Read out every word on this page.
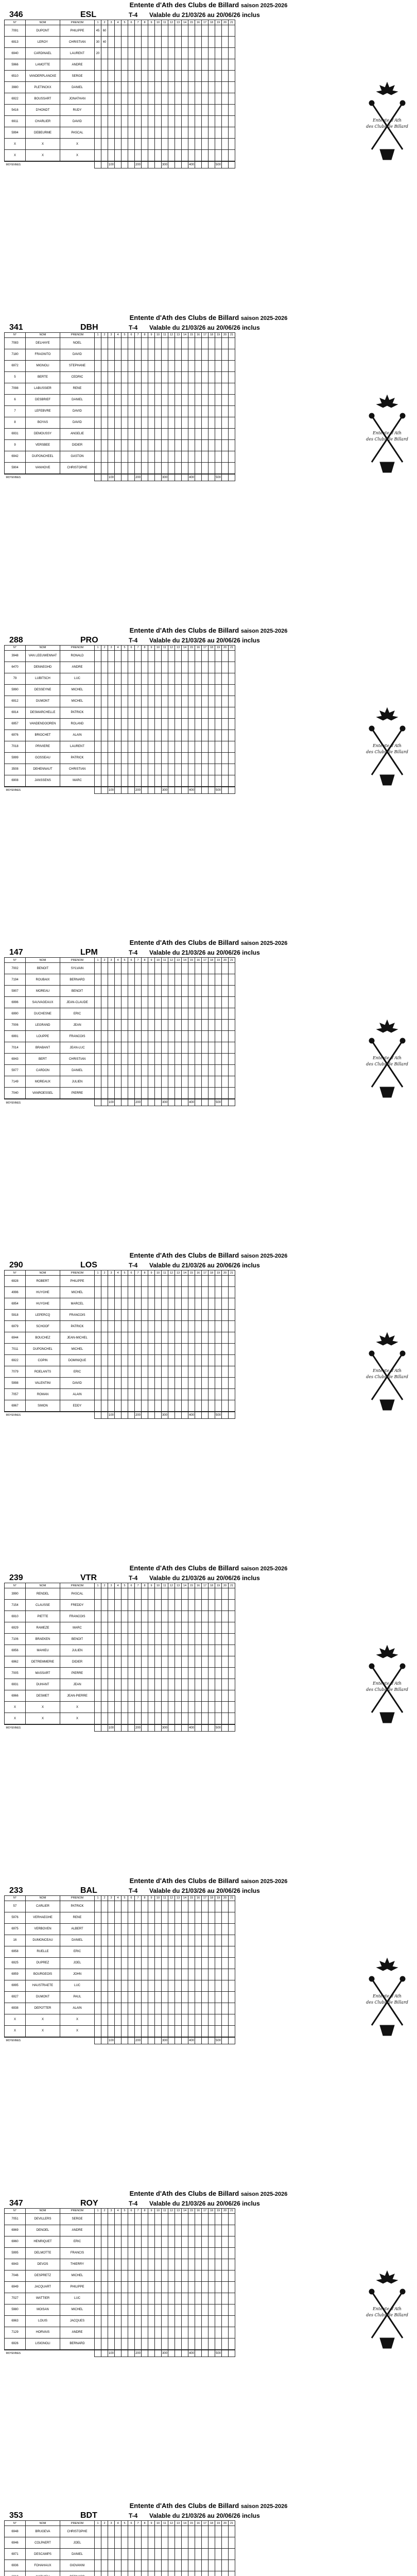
Entente d'Ath des Clubs de Billard saison 2025-2026
346	ESL	T-4 Valable du 21/03/26 au 20/06/26 inclus
N°	NOM	PRENOM	1	2	3	4	5	6	7	8	9	10	11	12	13	14	15	16	17	18	19	20	21
7091	DUPONT	PHILIPPE	45	60																			
6913	LEROY	CHRISTIAN	30	40																			
6940	CARDINAEL	LAURENT	20																				
5966	LAMOTTE	ANDRE																					
6510	VANDERPLANCKE	SERGE																					
3980	PLETINCKX	DANIEL																					
6922	BOUSSART	JONATHAN																					
5416	D'HONDT	RUDY																					
6911	CHARLIER	DAVID																					
5994	DEBEURME	PASCAL																					
X	X	X																					
X	X	X																					
MOYENNES					100				200				300				400				500		
Entente d'Ath
des Clubs de Billard
Entente d'Ath des Clubs de Billard saison 2025-2026
341	DBH	T-4 Valable du 21/03/26 au 20/06/26 inclus
N°	NOM	PRENOM	1	2	3	4	5	6	7	8	9	10	11	12	13	14	15	16	17	18	19	20	21
7083	DELHAYE	NOEL																					
7180	FRAGNITO	DAVID																					
6972	MIGNOLI	STEPHANE																					
5	BERTE	CEDRIC																					
7098	LABUSSIER	RENE																					
6	DESBRIEF	DANIEL																					
7	LEFEBVRE	DAVID																					
8	BOYAS	DAVID																					
6931	DEMOUSSY	ANGELIE																					
9	VERSBEE	DIDIER																					
6942	DUPONCHEEL	GASTON																					
5904	VANHOVE	CHRISTOPHE																					
MOYENNES					100				200				300				400				500		
Entente d'Ath
des Clubs de Billard
Entente d'Ath des Clubs de Billard saison 2025-2026
288	PRO	T-4 Valable du 21/03/26 au 20/06/26 inclus
N°	NOM	PRENOM	1	2	3	4	5	6	7	8	9	10	11	12	13	14	15	16	17	18	19	20	21
3948	VAN LEEUWENNAT	RONALD																					
6470	DEMAEGHD	ANDRE																					
79	LUBITSCH	LUC																					
5990	DESSEYNE	MICHEL																					
6912	DUMONT	MICHEL																					
6914	DESMARCHELLE	PATRICK																					
6957	VANDENDOOREN	ROLAND																					
6976	BRIOCHET	ALAIN																					
7018	PRIVIERE	LAURENT																					
5999	GOSSEAU	PATRICK																					
3508	DEHENNAUT	CHRISTIAN																					
6908	JANSSENS	MARC																					
MOYENNES					100				200				300				400				500		
Entente d'Ath
des Clubs de Billard
Entente d'Ath des Clubs de Billard saison 2025-2026
147	LPM	T-4 Valable du 21/03/26 au 20/06/26 inclus
N°	NOM	PRENOM	1	2	3	4	5	6	7	8	9	10	11	12	13	14	15	16	17	18	19	20	21
7002	BENOIT	SYLVAIN																					
7194	ROUBAIX	BERNARD																					
5907	MOREAU	BENOIT																					
6996	SAUVAGEAUX	JEAN-CLAUDE																					
6990	DUCHESNE	ERIC																					
7006	LEGRAND	JEAN																					
6991	LOUPPE	FRANCOIS																					
7014	BRABANT	JEAN-LUC																					
6943	BERT	CHRISTIAN																					
5977	CARDON	DANIEL																					
7149	MOREAUX	JULIEN																					
7040	VANROESSEL	PIERRE																					
MOYENNES					100				200				300				400				500		
Entente d'Ath
des Clubs de Billard
Entente d'Ath des Clubs de Billard saison 2025-2026
290	LOS	T-4 Valable du 21/03/26 au 20/06/26 inclus
N°	NOM	PRENOM	1	2	3	4	5	6	7	8	9	10	11	12	13	14	15	16	17	18	19	20	21
6928	ROBERT	PHILIPPE																					
4996	HUYGHE	MICHEL																					
6954	HUYGHE	MARCEL																					
5918	LEPERCQ	FRANCOIS																					
6979	SCHOOF	PATRICK																					
6944	BOUCHEZ	JEAN-MICHEL																					
7011	DUPONCHEL	MICHEL																					
6922	COPIN	DOMINIQUE																					
7079	ROELANTS	ERIC																					
5998	VALENTINI	DAVID																					
7057	ROMAN	ALAIN																					
6967	SIMON	EDDY																					
MOYENNES					100				200				300				400				500		
Entente d'Ath
des Clubs de Billard
Entente d'Ath des Clubs de Billard saison 2025-2026
239	VTR	T-4 Valable du 21/03/26 au 20/06/26 inclus
N°	NOM	PRENOM	1	2	3	4	5	6	7	8	9	10	11	12	13	14	15	16	17	18	19	20	21
3990	RENDEL	PASCAL																					
7154	CLAUSSE	FREDDY																					
6910	PIETTE	FRANCOIS																					
6929	RAMEZE	MARC																					
7106	BRAEKEN	BENOIT																					
6956	MAHIEU	JULIEN																					
6962	DETREMMERIE	DIDIER																					
7005	MASSART	PIERRE																					
6931	DUHANT	JEAN																					
6966	DESMET	JEAN-PIERRE																					
X	X	X																					
X	X	X																					
MOYENNES					100				200				300				400				500		
Entente d'Ath
des Clubs de Billard
Entente d'Ath des Clubs de Billard saison 2025-2026
233	BAL	T-4 Valable du 21/03/26 au 20/06/26 inclus
N°	NOM	PRENOM	1	2	3	4	5	6	7	8	9	10	11	12	13	14	15	16	17	18	19	20	21
57	CARLIER	PATRICK																					
5976	VERHAEGHE	RENE																					
6975	VERBOVEN	ALBERT																					
16	DUMONCEAU	DANIEL																					
6958	RUELLE	ERIC																					
6925	DUPREZ	JOEL																					
6959	BOURGEOIS	JOHN																					
6995	HAUSTRAETE	LUC																					
6927	DUMONT	PAUL																					
6938	DEPOTTER	ALAIN																					
X	X	X																					
X	X	X																					
MOYENNES					100				200				300				400				500		
Entente d'Ath
des Clubs de Billard
Entente d'Ath des Clubs de Billard saison 2025-2026
347	ROY	T-4 Valable du 21/03/26 au 20/06/26 inclus
N°	NOM	PRENOM	1	2	3	4	5	6	7	8	9	10	11	12	13	14	15	16	17	18	19	20	21
7051	DEVILLERS	SERGE																					
6969	DENOEL	ANDRE																					
6960	HENRIQUET	ERIC																					
5995	DELMOTTE	FRANCIS																					
6943	DEVOS	THIERRY																					
7046	DESPRETZ	MICHEL																					
6949	JACQUART	PHILIPPE																					
7027	WATTIER	LUC																					
5980	MOISAN	MICHEL																					
6963	LOUIS	JACQUES																					
7129	HORVAIS	ANDRE																					
6926	LISIGNOLI	BERNARD																					
MOYENNES					100				200				300				400				500		
Entente d'Ath
des Clubs de Billard
Entente d'Ath des Clubs de Billard saison 2025-2026
353	BDT	T-4 Valable du 21/03/26 au 20/06/26 inclus
N°	NOM	PRENOM	1	2	3	4	5	6	7	8	9	10	11	12	13	14	15	16	17	18	19	20	21
6948	BRUGEVA	CHRISTOPHE																					
6946	COLPAERT	JOEL																					
6971	DESCAMPS	DANIEL																					
6936	FOHAHAUX	GIOVANNI																					
